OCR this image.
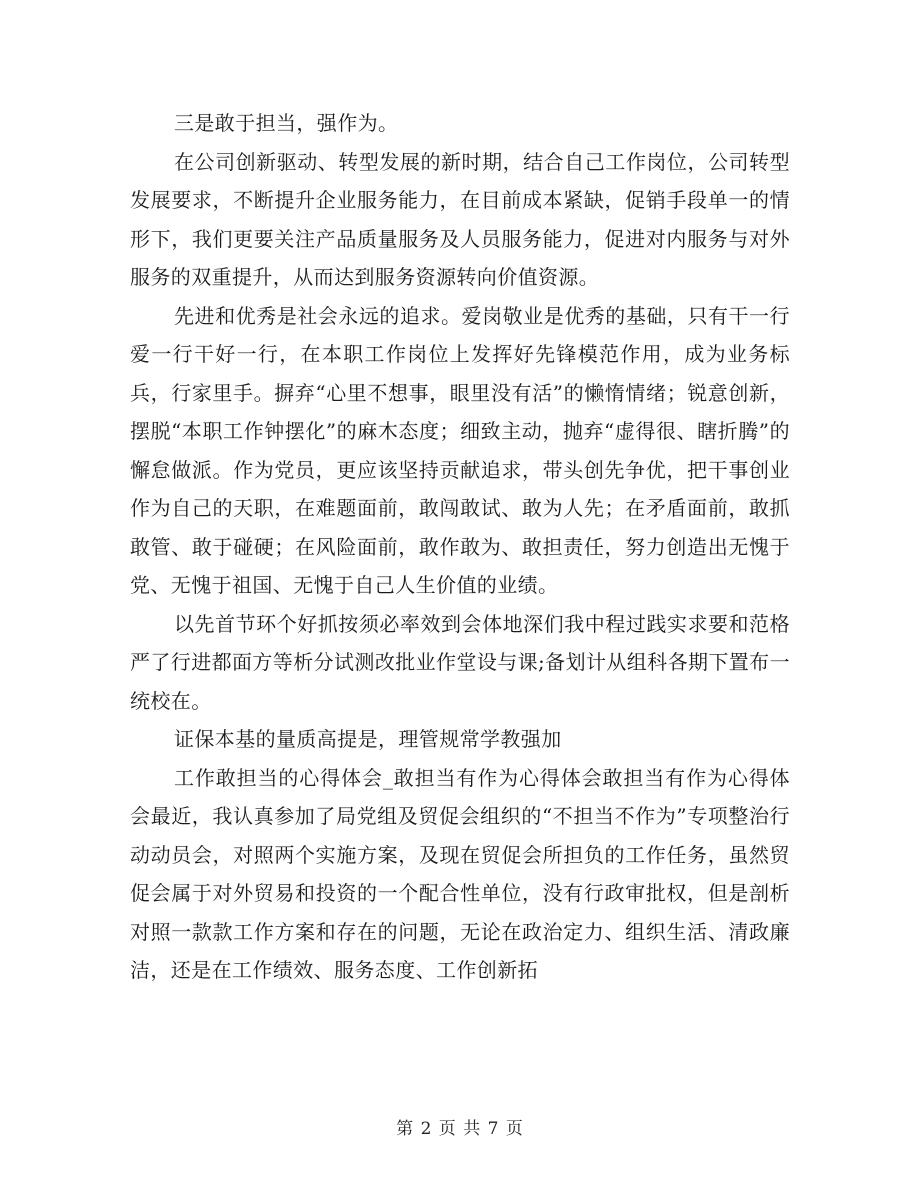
三是敢于担当，强作为。

在公司创新驱动、转型发展的新时期，结合自己工作岗位，公司转型发展要求，不断提升企业服务能力，在目前成本紧缺，促销手段单一的情形下，我们更要关注产品质量服务及人员服务能力，促进对内服务与对外服务的双重提升，从而达到服务资源转向价值资源。

先进和优秀是社会永远的追求。爱岗敬业是优秀的基础，只有干一行爱一行干好一行，在本职工作岗位上发挥好先锋模范作用，成为业务标兵，行家里手。摒弃“心里不想事，眼里没有活”的懒惰情绪；锐意创新，摆脱“本职工作钟摆化”的麻木态度；细致主动，抛弃“虚得很、瞎折腾”的懈怠做派。作为党员，更应该坚持贡献追求，带头创先争优，把干事创业作为自己的天职，在难题面前，敢闯敢试、敢为人先；在矛盾面前，敢抓敢管、敢于碰硬；在风险面前，敢作敢为、敢担责任，努力创造出无愧于党、无愧于祖国、无愧于自己人生价值的业绩。

以先首节环个好抓按须必率效到会体地深们我中程过践实求要和范格严了行进都面方等析分试测改批业作堂设与课;备划计从组科各期下置布一统校在。

证保本基的量质高提是，理管规常学教强加

工作敢担当的心得体会_敢担当有作为心得体会敢担当有作为心得体会最近，我认真参加了局党组及贸促会组织的“不担当不作为”专项整治行动动员会，对照两个实施方案，及现在贸促会所担负的工作任务，虽然贸促会属于对外贸易和投资的一个配合性单位，没有行政审批权，但是剖析对照一款款工作方案和存在的问题，无论在政治定力、组织生活、清政廉洁，还是在工作绩效、服务态度、工作创新拓

第 2 页 共 7 页
